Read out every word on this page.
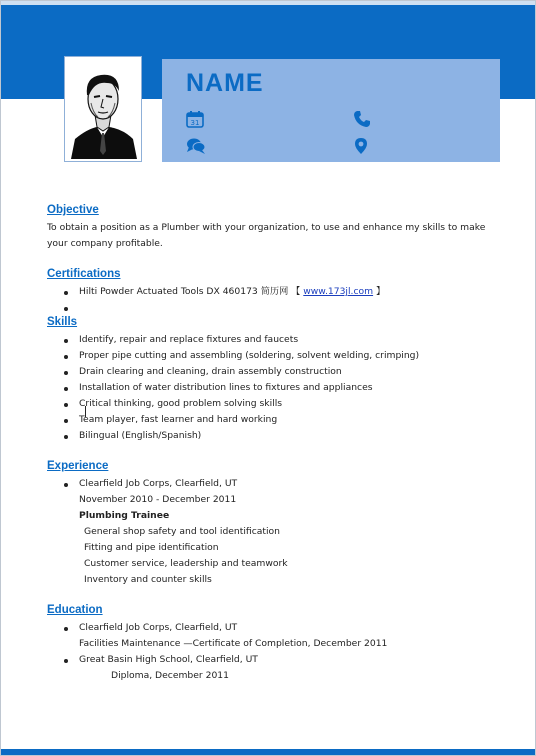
NAME
31
Objective
To obtain a position as a Plumber with your organization, to use and enhance my skills to make your company profitable.
Certifications
Hilti Powder Actuated Tools DX 460173 简历网 【 www.173jl.com 】
Skills
Experience
Clearfield Job Corps, Clearfield, UT
November 2010 - December 2011
Plumbing Trainee
Education
Clearfield Job Corps, Clearfield, UT
Facilities Maintenance —Certificate of Completion, December 2011
Great Basin High School, Clearfield, UT
Diploma, December 2011
Identify, repair and replace fixtures and faucets
Proper pipe cutting and assembling (soldering, solvent welding, crimping)
Drain clearing and cleaning, drain assembly construction
Installation of water distribution lines to fixtures and appliances
Critical thinking, good problem solving skills
Team player, fast learner and hard working
Bilingual (English/Spanish)
General shop safety and tool identification
Fitting and pipe identification
Customer service, leadership and teamwork
Inventory and counter skills
